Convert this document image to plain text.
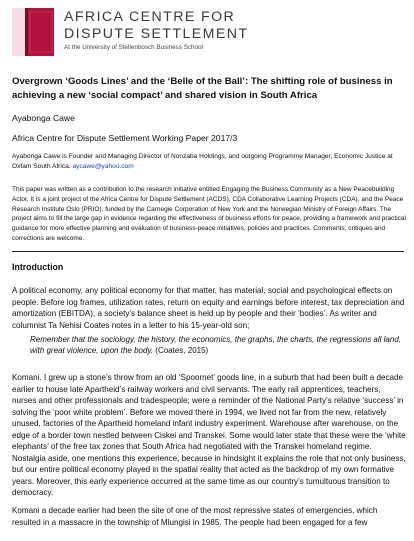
AFRICA CENTRE FOR
DISPUTE SETTLEMENT
At the University of Stellenbosch Business School
Overgrown ‘Goods Lines’ and the ‘Belle of the Ball’: The shifting role of business in achieving a new ‘social compact’ and shared vision in South Africa
Ayabonga Cawe
Africa Centre for Dispute Settlement Working Paper 2017/3
Ayabonga Cawe is Founder and Managing Director of Nonzaba Holdings, and outgoing Programme Manager, Economic Justice at Oxfam South Africa. aycawe@yahoo.com
This paper was written as a contribution to the research initiative entitled Engaging the Business Community as a New Peacebuilding Actor. It is a joint project of the Africa Centre for Dispute Settlement (ACDS), CDA Collaborative Learning Projects (CDA), and the Peace Research Institute Oslo (PRIO), funded by the Carnegie Corporation of New York and the Norwegian Ministry of Foreign Affairs. The project aims to fill the large gap in evidence regarding the effectiveness of business efforts for peace, providing a framework and practical guidance for more effective planning and evaluation of business-peace initiatives, policies and practices. Comments, critiques and corrections are welcome.
Introduction
A political economy, any political economy for that matter, has material, social and psychological effects on people. Before log frames, utilization rates, return on equity and earnings before interest, tax depreciation and amortization (EBITDA), a society’s balance sheet is held up by people and their ‘bodies’. As writer and columnist Ta Nehisi Coates notes in a letter to his 15-year-old son;
Remember that the sociology, the history, the economics, the graphs, the charts, the regressions all land, with great violence, upon the body. (Coates, 2015)
Komani. I grew up a stone’s throw from an old ‘Spoornet’ goods line, in a suburb that had been built a decade earlier to house late Apartheid’s railway workers and civil servants. The early rail apprentices, teachers, nurses and other professionals and tradespeople; were a reminder of the National Party’s relative ‘success’ in solving the ‘poor white problem’. Before we moved there in 1994, we lived not far from the new, relatively unused, factories of the Apartheid homeland infant industry experiment. Warehouse after warehouse, on the edge of a border town nestled between Ciskei and Transkei. Some would later state that these were the ‘white elephants’ of the free tax zones that South Africa had negotiated with the Transkei homeland regime. Nostalgia aside, one mentions this experience, because in hindsight it explains the role that not only business, but our entire political economy played in the spatial reality that acted as the backdrop of my own formative years. Moreover, this early experience occurred at the same time as our country’s tumultuous transition to democracy.
Komani a decade earlier had been the site of one of the most repressive states of emergencies, which resulted in a massacre in the township of Mlungisi in 1985. The people had been engaged for a few
